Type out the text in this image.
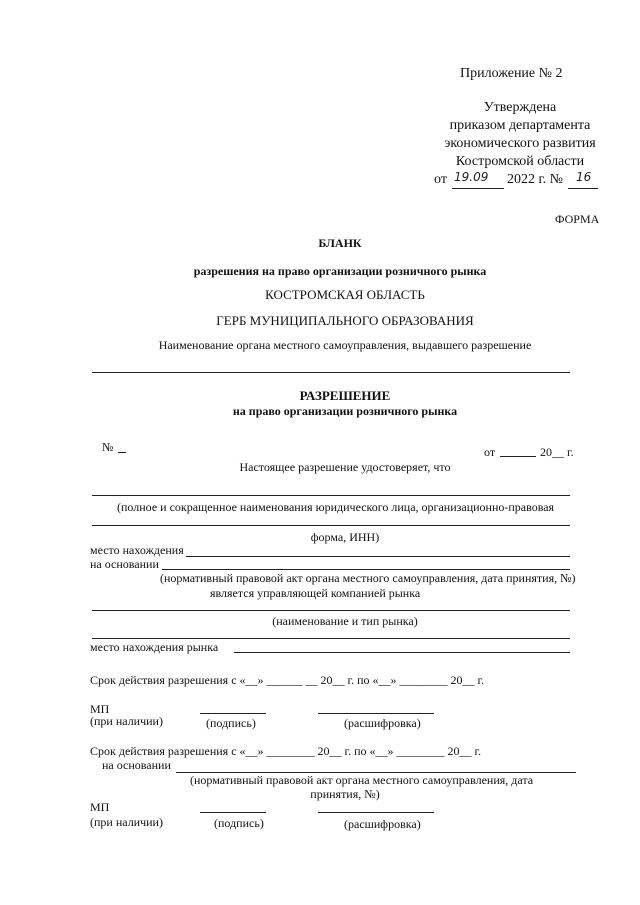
Приложение № 2
Утверждена
приказом департамента
экономического развития
Костромской области
от 19.09 2022 г. № 16
ФОРМА
БЛАНК
разрешения на право организации розничного рынка
КОСТРОМСКАЯ ОБЛАСТЬ
ГЕРБ МУНИЦИПАЛЬНОГО ОБРАЗОВАНИЯ
Наименование органа местного самоуправления, выдавшего разрешение
РАЗРЕШЕНИЕ
на право организации розничного рынка
№	от	20__ г.
Настоящее разрешение удостоверяет, что
(полное и сокращенное наименования юридического лица, организационно-правовая
форма, ИНН)
место нахождения
на основании
(нормативный правовой акт органа местного самоуправления, дата принятия, №)
является управляющей компанией рынка
(наименование и тип рынка)
место нахождения рынка
Срок действия разрешения с «__» ______ __ 20__ г. по «__» ________ 20__ г.
МП
(при наличии)	(подпись)	(расшифровка)
Срок действия разрешения с «__» ________ 20__ г. по «__» ________ 20__ г.
на основании
(нормативный правовой акт органа местного самоуправления, дата
принятия, №)
МП
(при наличии)	(подпись)	(расшифровка)
